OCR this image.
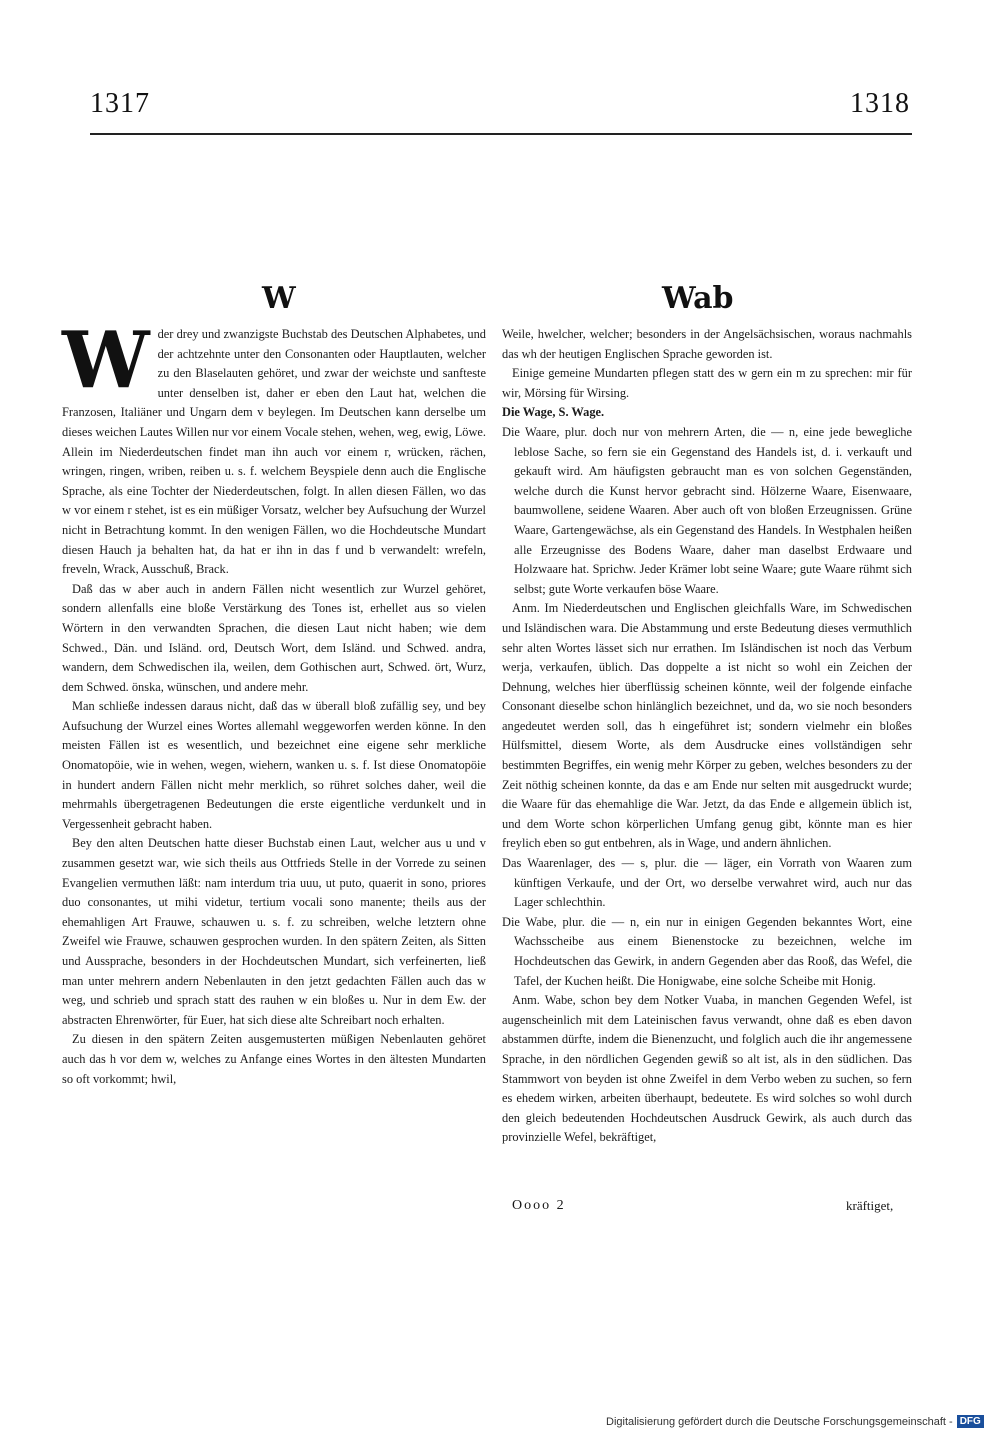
1317	1318
W	Wab

Wder drey und zwanzigste Buchstab des Deutschen Alphabetes, und der achtzehnte unter den Consonanten oder Hauptlauten, welcher zu den Blaselauten gehöret, und zwar der weichste und sanfteste unter denselben ist, daher er eben den Laut hat, welchen die Franzosen, Italiäner und Ungarn dem v beylegen. Im Deutschen kann derselbe um dieses weichen Lautes Willen nur vor einem Vocale stehen, wehen, weg, ewig, Löwe. Allein im Niederdeutschen findet man ihn auch vor einem r, wrücken, rächen, wringen, ringen, wriben, reiben u. s. f. welchem Beyspiele denn auch die Englische Sprache, als eine Tochter der Niederdeutschen, folgt. In allen diesen Fällen, wo das w vor einem r stehet, ist es ein müßiger Vorsatz, welcher bey Aufsuchung der Wurzel nicht in Betrachtung kommt. In den wenigen Fällen, wo die Hochdeutsche Mundart diesen Hauch ja behalten hat, da hat er ihn in das f und b verwandelt: wrefeln, freveln, Wrack, Ausschuß, Brack.

Daß das w aber auch in andern Fällen nicht wesentlich zur Wurzel gehöret, sondern allenfalls eine bloße Verstärkung des Tones ist, erhellet aus so vielen Wörtern in den verwandten Sprachen, die diesen Laut nicht haben; wie dem Schwed., Dän. und Isländ. ord, Deutsch Wort, dem Isländ. und Schwed. andra, wandern, dem Schwedischen ila, weilen, dem Gothischen aurt, Schwed. ört, Wurz, dem Schwed. önska, wünschen, und andere mehr.

Man schließe indessen daraus nicht, daß das w überall bloß zufällig sey, und bey Aufsuchung der Wurzel eines Wortes allemahl weggeworfen werden könne. In den meisten Fällen ist es wesentlich, und bezeichnet eine eigene sehr merkliche Onomatopöie, wie in wehen, wegen, wiehern, wanken u. s. f. Ist diese Onomatopöie in hundert andern Fällen nicht mehr merklich, so rühret solches daher, weil die mehrmahls übergetragenen Bedeutungen die erste eigentliche verdunkelt und in Vergessenheit gebracht haben.

Bey den alten Deutschen hatte dieser Buchstab einen Laut, welcher aus u und v zusammen gesetzt war, wie sich theils aus Ottfrieds Stelle in der Vorrede zu seinen Evangelien vermuthen läßt: nam interdum tria uuu, ut puto, quaerit in sono, priores duo consonantes, ut mihi videtur, tertium vocali sono manente; theils aus der ehemahligen Art Frauwe, schauwen u. s. f. zu schreiben, welche letztern ohne Zweifel wie Frauwe, schauwen gesprochen wurden. In den spätern Zeiten, als Sitten und Aussprache, besonders in der Hochdeutschen Mundart, sich verfeinerten, ließ man unter mehrern andern Nebenlauten in den jetzt gedachten Fällen auch das w weg, und schrieb und sprach statt des rauhen w ein bloßes u. Nur in dem Ew. der abstracten Ehrenwörter, für Euer, hat sich diese alte Schreibart noch erhalten.

Zu diesen in den spätern Zeiten ausgemusterten müßigen Nebenlauten gehöret auch das h vor dem w, welches zu Anfange eines Wortes in den ältesten Mundarten so oft vorkommt; hwil,

Weile, hwelcher, welcher; besonders in der Angelsächsischen, woraus nachmahls das wh der heutigen Englischen Sprache geworden ist.

Einige gemeine Mundarten pflegen statt des w gern ein m zu sprechen: mir für wir, Mörsing für Wirsing.

Die Wage, S. Wage.

Die Waare, plur. doch nur von mehrern Arten, die — n, eine jede bewegliche leblose Sache, so fern sie ein Gegenstand des Handels ist, d. i. verkauft und gekauft wird. Am häufigsten gebraucht man es von solchen Gegenständen, welche durch die Kunst hervor gebracht sind. Hölzerne Waare, Eisenwaare, baumwollene, seidene Waaren. Aber auch oft von bloßen Erzeugnissen. Grüne Waare, Gartengewächse, als ein Gegenstand des Handels. In Westphalen heißen alle Erzeugnisse des Bodens Waare, daher man daselbst Erdwaare und Holzwaare hat. Sprichw. Jeder Krämer lobt seine Waare; gute Waare rühmt sich selbst; gute Worte verkaufen böse Waare.

Anm. Im Niederdeutschen und Englischen gleichfalls Ware, im Schwedischen und Isländischen wara. Die Abstammung und erste Bedeutung dieses vermuthlich sehr alten Wortes lässet sich nur errathen. Im Isländischen ist noch das Verbum werja, verkaufen, üblich. Das doppelte a ist nicht so wohl ein Zeichen der Dehnung, welches hier überflüssig scheinen könnte, weil der folgende einfache Consonant dieselbe schon hinlänglich bezeichnet, und da, wo sie noch besonders angedeutet werden soll, das h eingeführet ist; sondern vielmehr ein bloßes Hülfsmittel, diesem Worte, als dem Ausdrucke eines vollständigen sehr bestimmten Begriffes, ein wenig mehr Körper zu geben, welches besonders zu der Zeit nöthig scheinen konnte, da das e am Ende nur selten mit ausgedruckt wurde; die Waare für das ehemahlige die War. Jetzt, da das Ende e allgemein üblich ist, und dem Worte schon körperlichen Umfang genug gibt, könnte man es hier freylich eben so gut entbehren, als in Wage, und andern ähnlichen.

Das Waarenlager, des — s, plur. die — läger, ein Vorrath von Waaren zum künftigen Verkaufe, und der Ort, wo derselbe verwahret wird, auch nur das Lager schlechthin.

Die Wabe, plur. die — n, ein nur in einigen Gegenden bekanntes Wort, eine Wachsscheibe aus einem Bienenstocke zu bezeichnen, welche im Hochdeutschen das Gewirk, in andern Gegenden aber das Rooß, das Wefel, die Tafel, der Kuchen heißt. Die Honigwabe, eine solche Scheibe mit Honig.

Anm. Wabe, schon bey dem Notker Vuaba, in manchen Gegenden Wefel, ist augenscheinlich mit dem Lateinischen favus verwandt, ohne daß es eben davon abstammen dürfte, indem die Bienenzucht, und folglich auch die ihr angemessene Sprache, in den nördlichen Gegenden gewiß so alt ist, als in den südlichen. Das Stammwort von beyden ist ohne Zweifel in dem Verbo weben zu suchen, so fern es ehedem wirken, arbeiten überhaupt, bedeutete. Es wird solches so wohl durch den gleich bedeutenden Hochdeutschen Ausdruck Gewirk, als auch durch das provinzielle Wefel, bekräftiget,

Oooo 2	kräftiget,
Digitalisierung gefördert durch die Deutsche Forschungsgemeinschaft - DFG
